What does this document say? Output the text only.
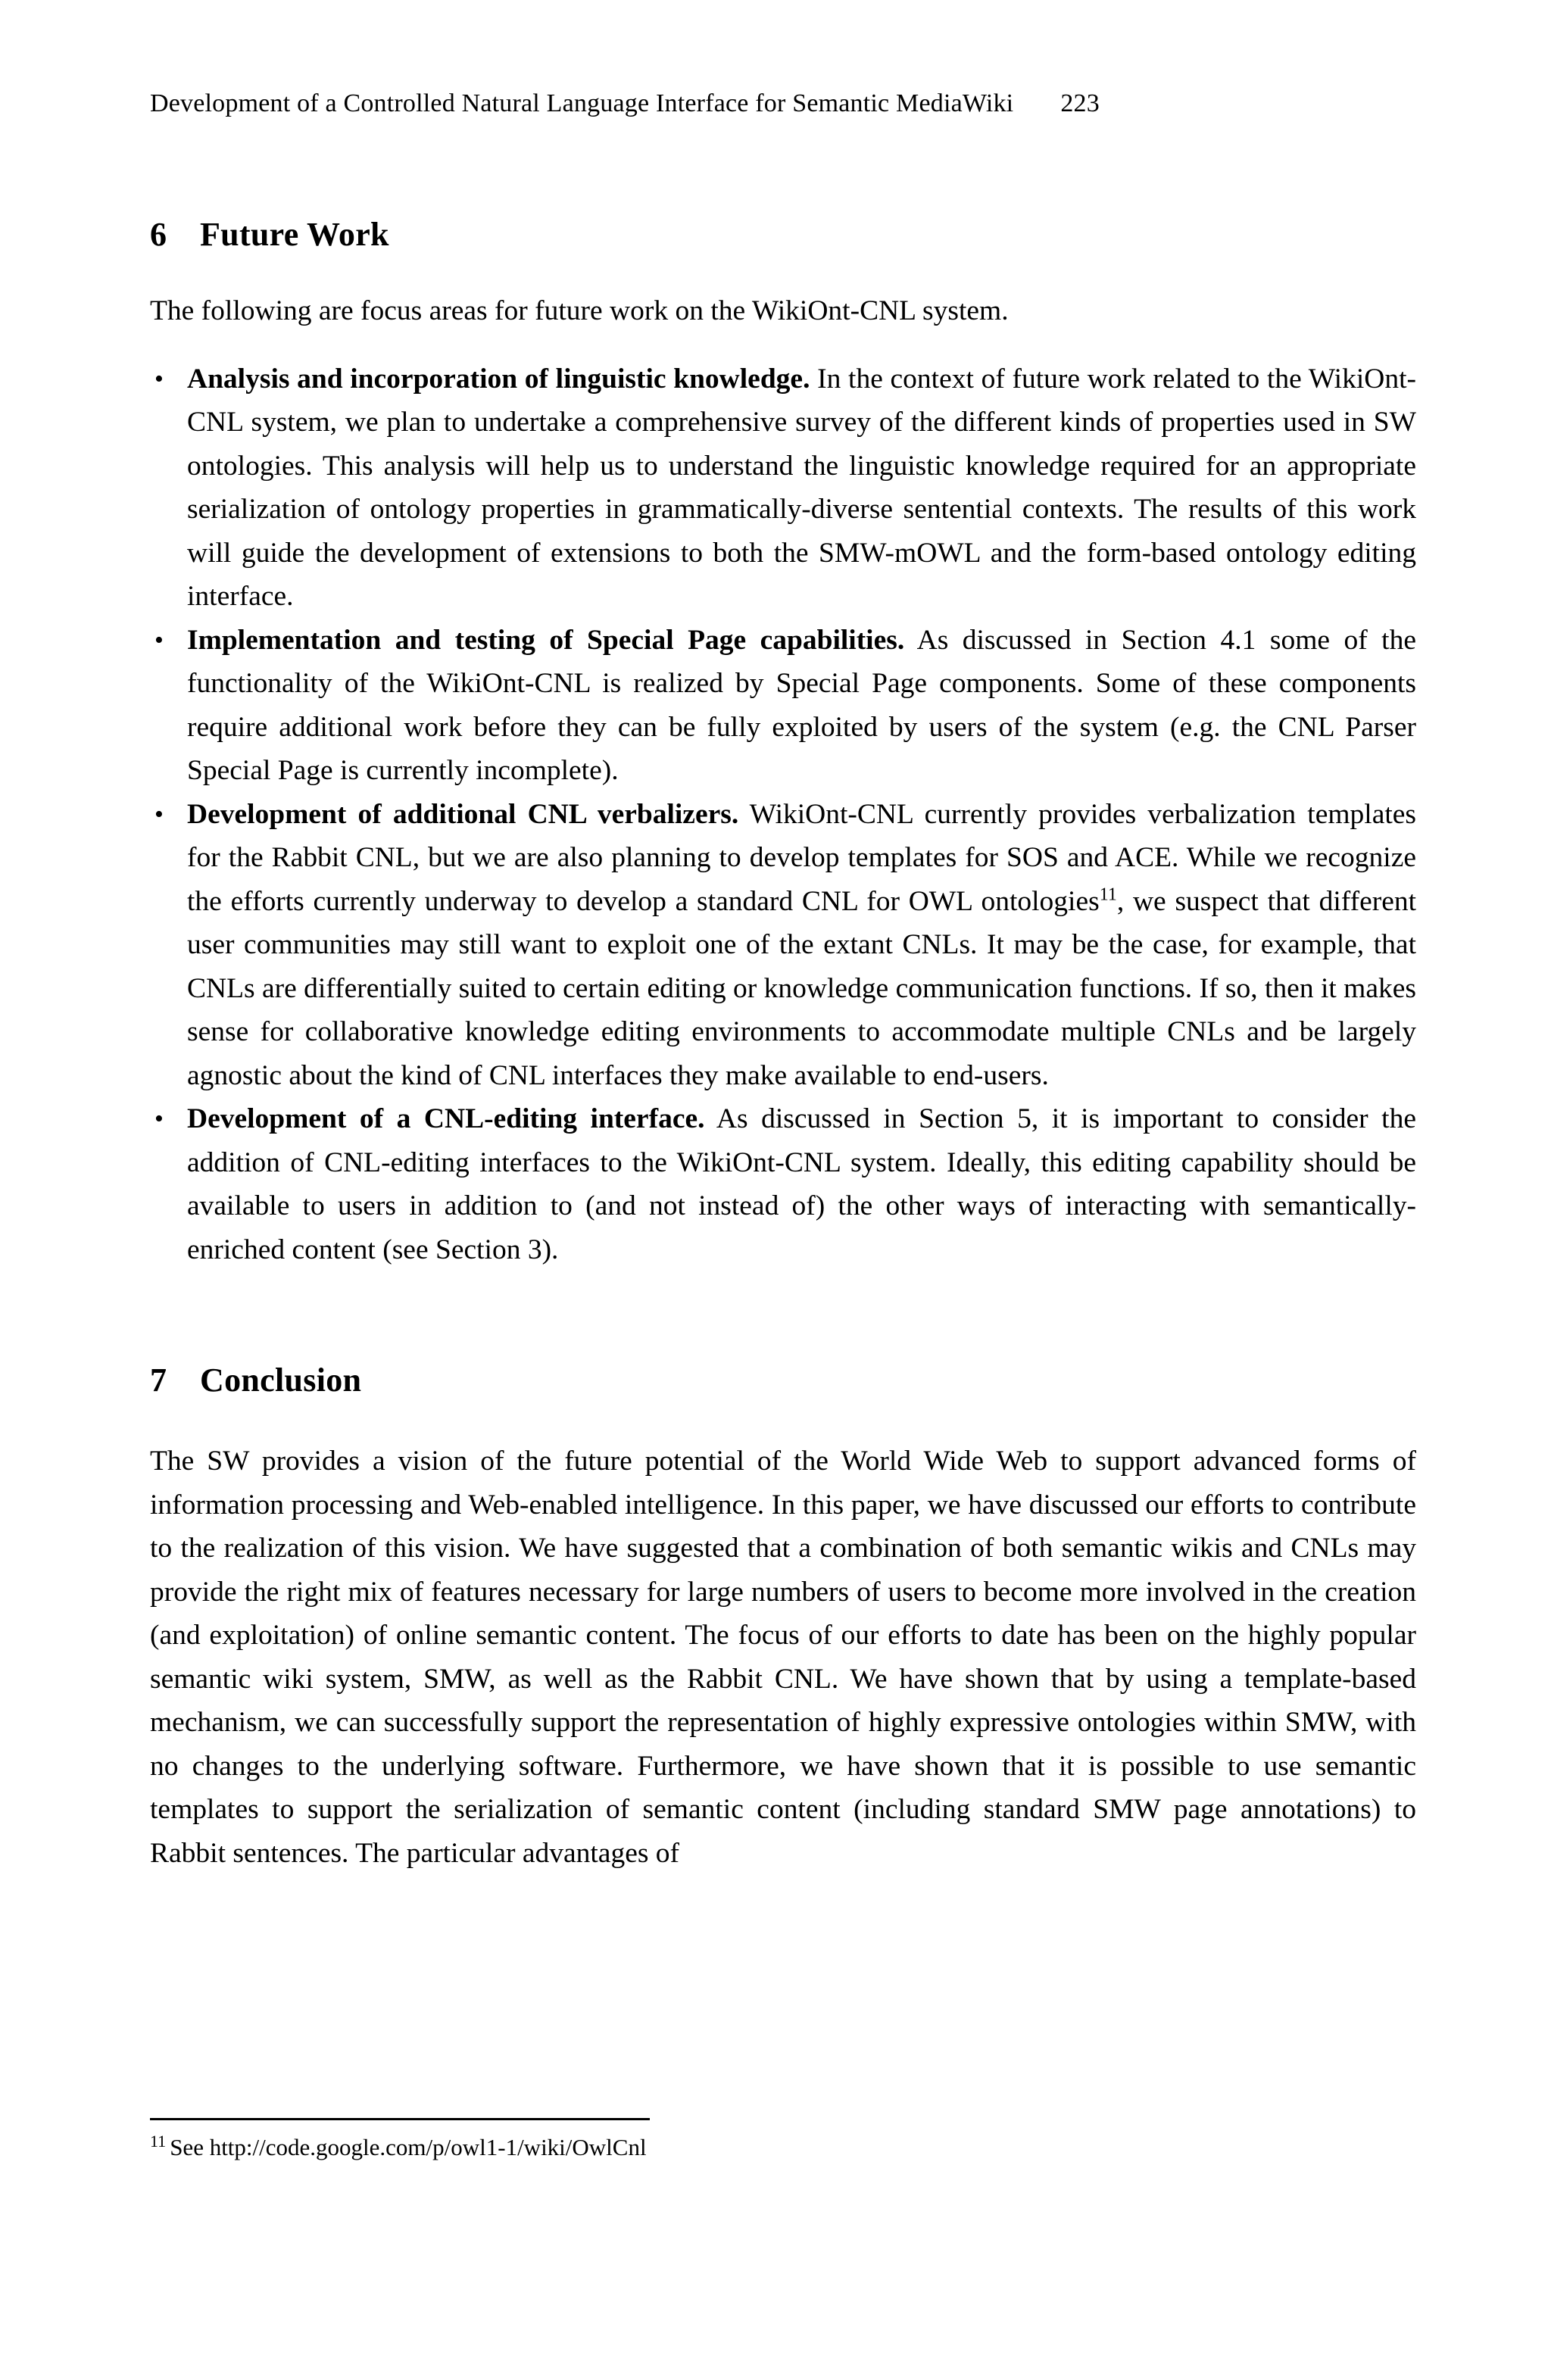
Development of a Controlled Natural Language Interface for Semantic MediaWiki 223
6 Future Work

The following are focus areas for future work on the WikiOnt-CNL system.

• Analysis and incorporation of linguistic knowledge. In the context of future work related to the WikiOnt-CNL system, we plan to undertake a comprehensive survey of the different kinds of properties used in SW ontologies. This analysis will help us to understand the linguistic knowledge required for an appropriate serialization of ontology properties in grammatically-diverse sentential contexts. The results of this work will guide the development of extensions to both the SMW-mOWL and the form-based ontology editing interface.
• Implementation and testing of Special Page capabilities. As discussed in Section 4.1 some of the functionality of the WikiOnt-CNL is realized by Special Page components. Some of these components require additional work before they can be fully exploited by users of the system (e.g. the CNL Parser Special Page is currently incomplete).
• Development of additional CNL verbalizers. WikiOnt-CNL currently provides verbalization templates for the Rabbit CNL, but we are also planning to develop templates for SOS and ACE. While we recognize the efforts currently underway to develop a standard CNL for OWL ontologies$^{11}$, we suspect that different user communities may still want to exploit one of the extant CNLs. It may be the case, for example, that CNLs are differentially suited to certain editing or knowledge communication functions. If so, then it makes sense for collaborative knowledge editing environments to accommodate multiple CNLs and be largely agnostic about the kind of CNL interfaces they make available to end-users.
• Development of a CNL-editing interface. As discussed in Section 5, it is important to consider the addition of CNL-editing interfaces to the WikiOnt-CNL system. Ideally, this editing capability should be available to users in addition to (and not instead of) the other ways of interacting with semantically-enriched content (see Section 3).
7 Conclusion

The SW provides a vision of the future potential of the World Wide Web to support advanced forms of information processing and Web-enabled intelligence. In this paper, we have discussed our efforts to contribute to the realization of this vision. We have suggested that a combination of both semantic wikis and CNLs may provide the right mix of features necessary for large numbers of users to become more involved in the creation (and exploitation) of online semantic content. The focus of our efforts to date has been on the highly popular semantic wiki system, SMW, as well as the Rabbit CNL. We have shown that by using a template-based mechanism, we can successfully support the representation of highly expressive ontologies within SMW, with no changes to the underlying software. Furthermore, we have shown that it is possible to use semantic templates to support the serialization of semantic content (including standard SMW page annotations) to Rabbit sentences. The particular advantages of

$^{11}$ See http://code.google.com/p/owl1-1/wiki/OwlCnl
